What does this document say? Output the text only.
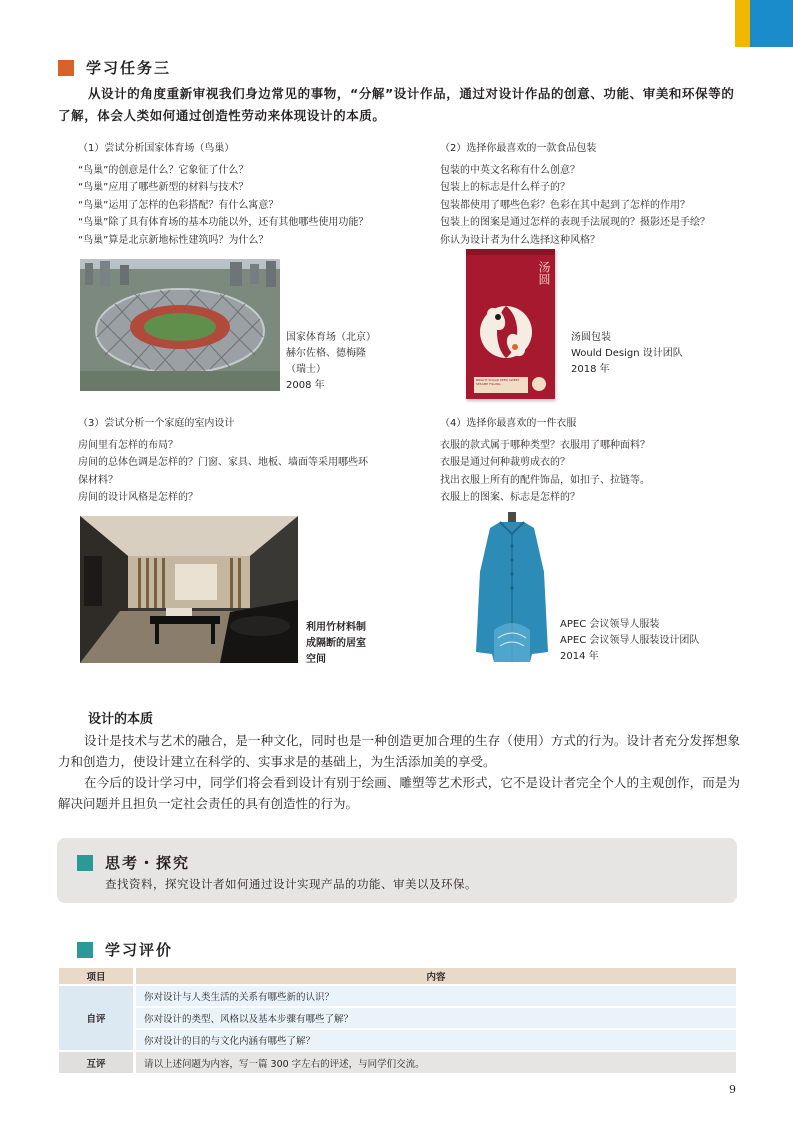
学习任务三
从设计的角度重新审视我们身边常见的事物，“分解”设计作品，通过对设计作品的创意、功能、审美和环保等的了解，体会人类如何通过创造性劳动来体现设计的本质。
（1）尝试分析国家体育场（鸟巢）
“鸟巢”的创意是什么？它象征了什么？
“鸟巢”应用了哪些新型的材料与技术？
“鸟巢”运用了怎样的色彩搭配？有什么寓意？
“鸟巢”除了具有体育场的基本功能以外，还有其他哪些使用功能？
“鸟巢”算是北京新地标性建筑吗？为什么？
国家体育场（北京）
赫尔佐格、德梅隆
（瑞士）
2008 年
（2）选择你最喜欢的一款食品包装
包装的中英文名称有什么创意？
包装上的标志是什么样子的？
包装都使用了哪些色彩？色彩在其中起到了怎样的作用？
包装上的图案是通过怎样的表现手法展现的？摄影还是手绘？
你认为设计者为什么选择这种风格？
汤圆
BRIGHT SUGAR SEED SWEET SESAME FILLING
汤圆包装
Would Design 设计团队
2018 年
（3）尝试分析一个家庭的室内设计
房间里有怎样的布局？
房间的总体色调是怎样的？门窗、家具、地板、墙面等采用哪些环
保材料？
房间的设计风格是怎样的？
利用竹材料制
成隔断的居室
空间
（4）选择你最喜欢的一件衣服
衣服的款式属于哪种类型？衣服用了哪种面料？
衣服是通过何种裁剪成衣的？
找出衣服上所有的配件饰品，如扣子、拉链等。
衣服上的图案、标志是怎样的？
APEC 会议领导人服装
APEC 会议领导人服装设计团队
2014 年
设计的本质
设计是技术与艺术的融合，是一种文化，同时也是一种创造更加合理的生存（使用）方式的行为。设计者充分发挥想象力和创造力，使设计建立在科学的、实事求是的基础上，为生活添加美的享受。
在今后的设计学习中，同学们将会看到设计有别于绘画、雕塑等艺术形式，它不是设计者完全个人的主观创作，而是为解决问题并且担负一定社会责任的具有创造性的行为。
思考・探究
查找资料，探究设计者如何通过设计实现产品的功能、审美以及环保。
学习评价
项目	内容
自评	你对设计与人类生活的关系有哪些新的认识？
	你对设计的类型、风格以及基本步骤有哪些了解？
	你对设计的目的与文化内涵有哪些了解？
互评	请以上述问题为内容，写一篇 300 字左右的评述，与同学们交流。
9
